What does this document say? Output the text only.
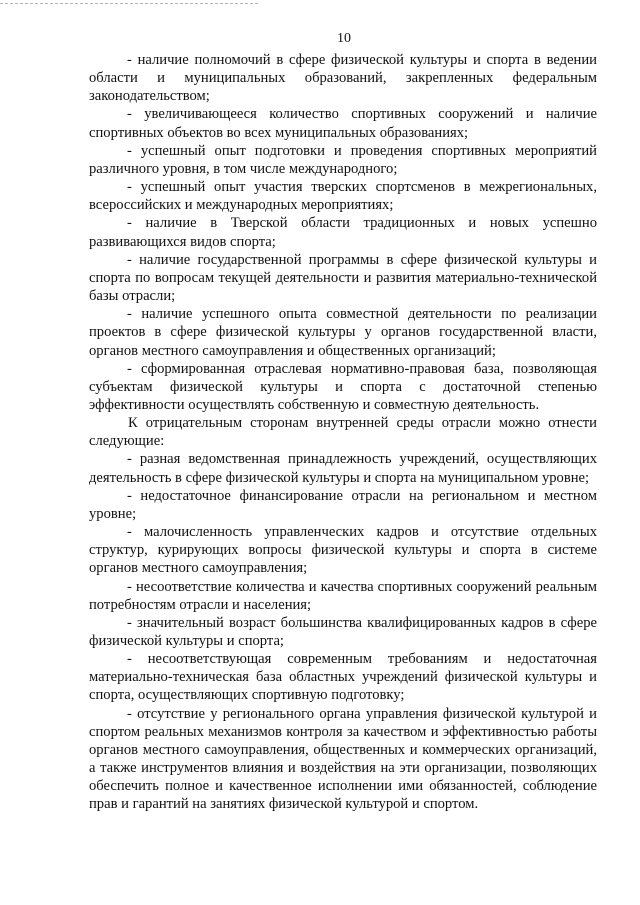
10

- наличие полномочий в сфере физической культуры и спорта в ведении области и муниципальных образований, закрепленных федеральным законодательством;

- увеличивающееся количество спортивных сооружений и наличие спортивных объектов во всех муниципальных образованиях;

- успешный опыт подготовки и проведения спортивных мероприятий различного уровня, в том числе международного;

- успешный опыт участия тверских спортсменов в межрегиональных, всероссийских и международных мероприятиях;

- наличие в Тверской области традиционных и новых успешно развивающихся видов спорта;

- наличие государственной программы в сфере физической культуры и спорта по вопросам текущей деятельности и развития материально-технической базы отрасли;

- наличие успешного опыта совместной деятельности по реализации проектов в сфере физической культуры у органов государственной власти, органов местного самоуправления и общественных организаций;

- сформированная отраслевая нормативно-правовая база, позволяющая субъектам физической культуры и спорта с достаточной степенью эффективности осуществлять собственную и совместную деятельность.

К отрицательным сторонам внутренней среды отрасли можно отнести следующие:

- разная ведомственная принадлежность учреждений, осуществляющих деятельность в сфере физической культуры и спорта на муниципальном уровне;

- недостаточное финансирование отрасли на региональном и местном уровне;

- малочисленность управленческих кадров и отсутствие отдельных структур, курирующих вопросы физической культуры и спорта в системе органов местного самоуправления;

- несоответствие количества и качества спортивных сооружений реальным потребностям отрасли и населения;

- значительный возраст большинства квалифицированных кадров в сфере физической культуры и спорта;

- несоответствующая современным требованиям и недостаточная материально-техническая база областных учреждений физической культуры и спорта, осуществляющих спортивную подготовку;

- отсутствие у регионального органа управления физической культурой и спортом реальных механизмов контроля за качеством и эффективностью работы органов местного самоуправления, общественных и коммерческих организаций, а также инструментов влияния и воздействия на эти организации, позволяющих обеспечить полное и качественное исполнении ими обязанностей, соблюдение прав и гарантий на занятиях физической культурой и спортом.
